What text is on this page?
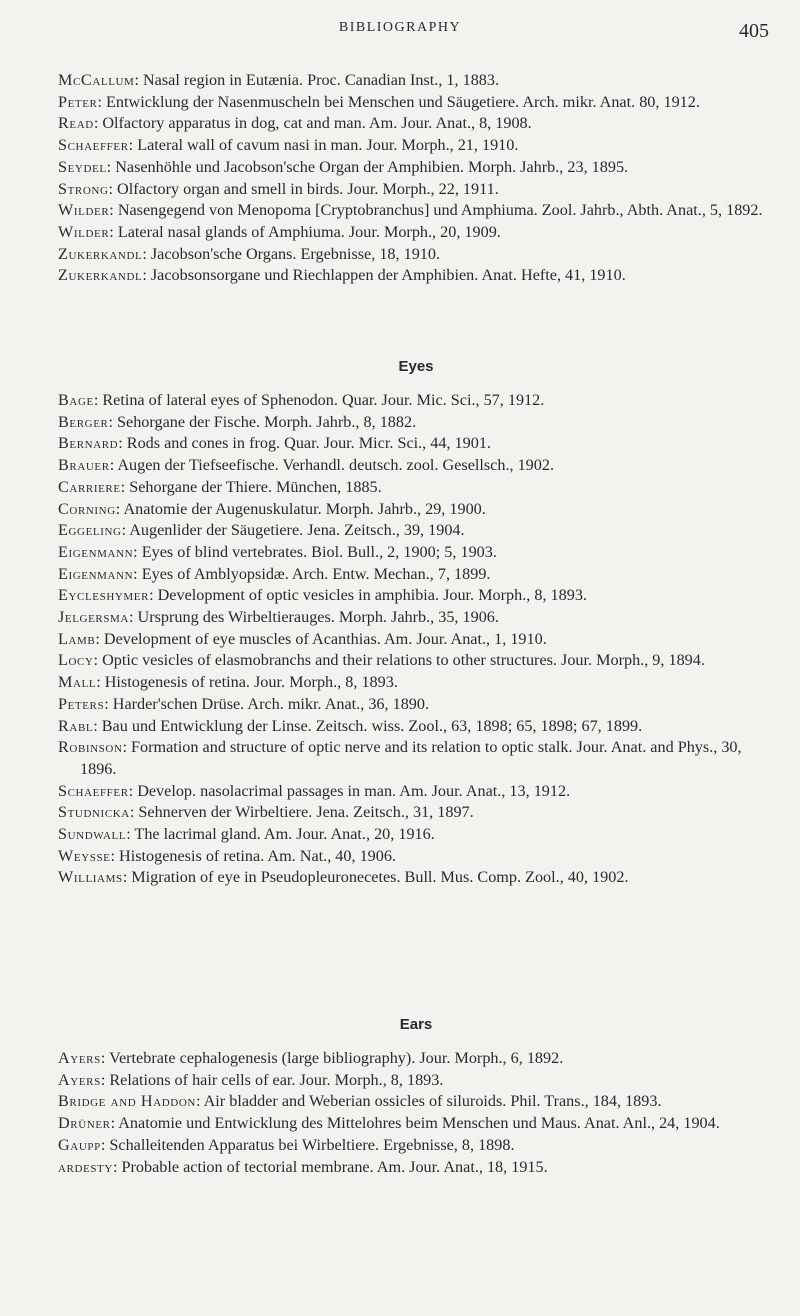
BIBLIOGRAPHY	405
McCallum: Nasal region in Eutænia. Proc. Canadian Inst., 1, 1883.
Peter: Entwicklung der Nasenmuscheln bei Menschen und Säugetiere. Arch. mikr. Anat. 80, 1912.
Read: Olfactory apparatus in dog, cat and man. Am. Jour. Anat., 8, 1908.
Schaeffer: Lateral wall of cavum nasi in man. Jour. Morph., 21, 1910.
Seydel: Nasenhöhle und Jacobson'sche Organ der Amphibien. Morph. Jahrb., 23, 1895.
Strong: Olfactory organ and smell in birds. Jour. Morph., 22, 1911.
Wilder: Nasengegend von Menopoma [Cryptobranchus] und Amphiuma. Zool. Jahrb., Abth. Anat., 5, 1892.
Wilder: Lateral nasal glands of Amphiuma. Jour. Morph., 20, 1909.
Zukerkandl: Jacobson'sche Organs. Ergebnisse, 18, 1910.
Zukerkandl: Jacobsonsorgane und Riechlappen der Amphibien. Anat. Hefte, 41, 1910.
Eyes
Bage: Retina of lateral eyes of Sphenodon. Quar. Jour. Mic. Sci., 57, 1912.
Berger: Sehorgane der Fische. Morph. Jahrb., 8, 1882.
Bernard: Rods and cones in frog. Quar. Jour. Micr. Sci., 44, 1901.
Brauer: Augen der Tiefseefische. Verhandl. deutsch. zool. Gesellsch., 1902.
Carriere: Sehorgane der Thiere. München, 1885.
Corning: Anatomie der Augenuskulatur. Morph. Jahrb., 29, 1900.
Eggeling: Augenlider der Säugetiere. Jena. Zeitsch., 39, 1904.
Eigenmann: Eyes of blind vertebrates. Biol. Bull., 2, 1900; 5, 1903.
Eigenmann: Eyes of Amblyopsidæ. Arch. Entw. Mechan., 7, 1899.
Eycleshymer: Development of optic vesicles in amphibia. Jour. Morph., 8, 1893.
Jelgersma: Ursprung des Wirbeltierauges. Morph. Jahrb., 35, 1906.
Lamb: Development of eye muscles of Acanthias. Am. Jour. Anat., 1, 1910.
Locy: Optic vesicles of elasmobranchs and their relations to other structures. Jour. Morph., 9, 1894.
Mall: Histogenesis of retina. Jour. Morph., 8, 1893.
Peters: Harder'schen Drüse. Arch. mikr. Anat., 36, 1890.
Rabl: Bau und Entwicklung der Linse. Zeitsch. wiss. Zool., 63, 1898; 65, 1898; 67, 1899.
Robinson: Formation and structure of optic nerve and its relation to optic stalk. Jour. Anat. and Phys., 30, 1896.
Schaeffer: Develop. nasolacrimal passages in man. Am. Jour. Anat., 13, 1912.
Studnicka: Sehnerven der Wirbeltiere. Jena. Zeitsch., 31, 1897.
Sundwall: The lacrimal gland. Am. Jour. Anat., 20, 1916.
Weysse: Histogenesis of retina. Am. Nat., 40, 1906.
Williams: Migration of eye in Pseudopleuronecetes. Bull. Mus. Comp. Zool., 40, 1902.
Ears
Ayers: Vertebrate cephalogenesis (large bibliography). Jour. Morph., 6, 1892.
Ayers: Relations of hair cells of ear. Jour. Morph., 8, 1893.
Bridge and Haddon: Air bladder and Weberian ossicles of siluroids. Phil. Trans., 184, 1893.
Drüner: Anatomie und Entwicklung des Mittelohres beim Menschen und Maus. Anat. Anl., 24, 1904.
Gaupp: Schalleitenden Apparatus bei Wirbeltiere. Ergebnisse, 8, 1898.
ardesty: Probable action of tectorial membrane. Am. Jour. Anat., 18, 1915.
